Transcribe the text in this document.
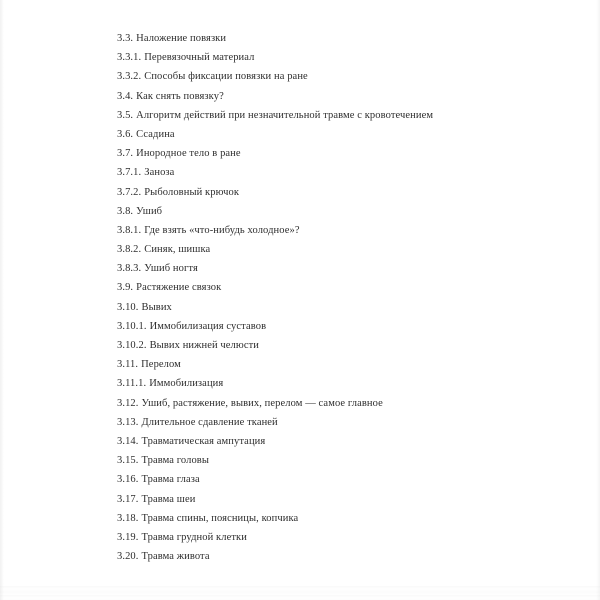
3.3. Наложение повязки
3.3.1. Перевязочный материал
3.3.2. Способы фиксации повязки на ране
3.4. Как снять повязку?
3.5. Алгоритм действий при незначительной травме с кровотечением
3.6. Ссадина
3.7. Инородное тело в ране
3.7.1. Заноза
3.7.2. Рыболовный крючок
3.8. Ушиб
3.8.1. Где взять «что-нибудь холодное»?
3.8.2. Синяк, шишка
3.8.3. Ушиб ногтя
3.9. Растяжение связок
3.10. Вывих
3.10.1. Иммобилизация суставов
3.10.2. Вывих нижней челюсти
3.11. Перелом
3.11.1. Иммобилизация
3.12. Ушиб, растяжение, вывих, перелом — самое главное
3.13. Длительное сдавление тканей
3.14. Травматическая ампутация
3.15. Травма головы
3.16. Травма глаза
3.17. Травма шеи
3.18. Травма спины, поясницы, копчика
3.19. Травма грудной клетки
3.20. Травма живота
